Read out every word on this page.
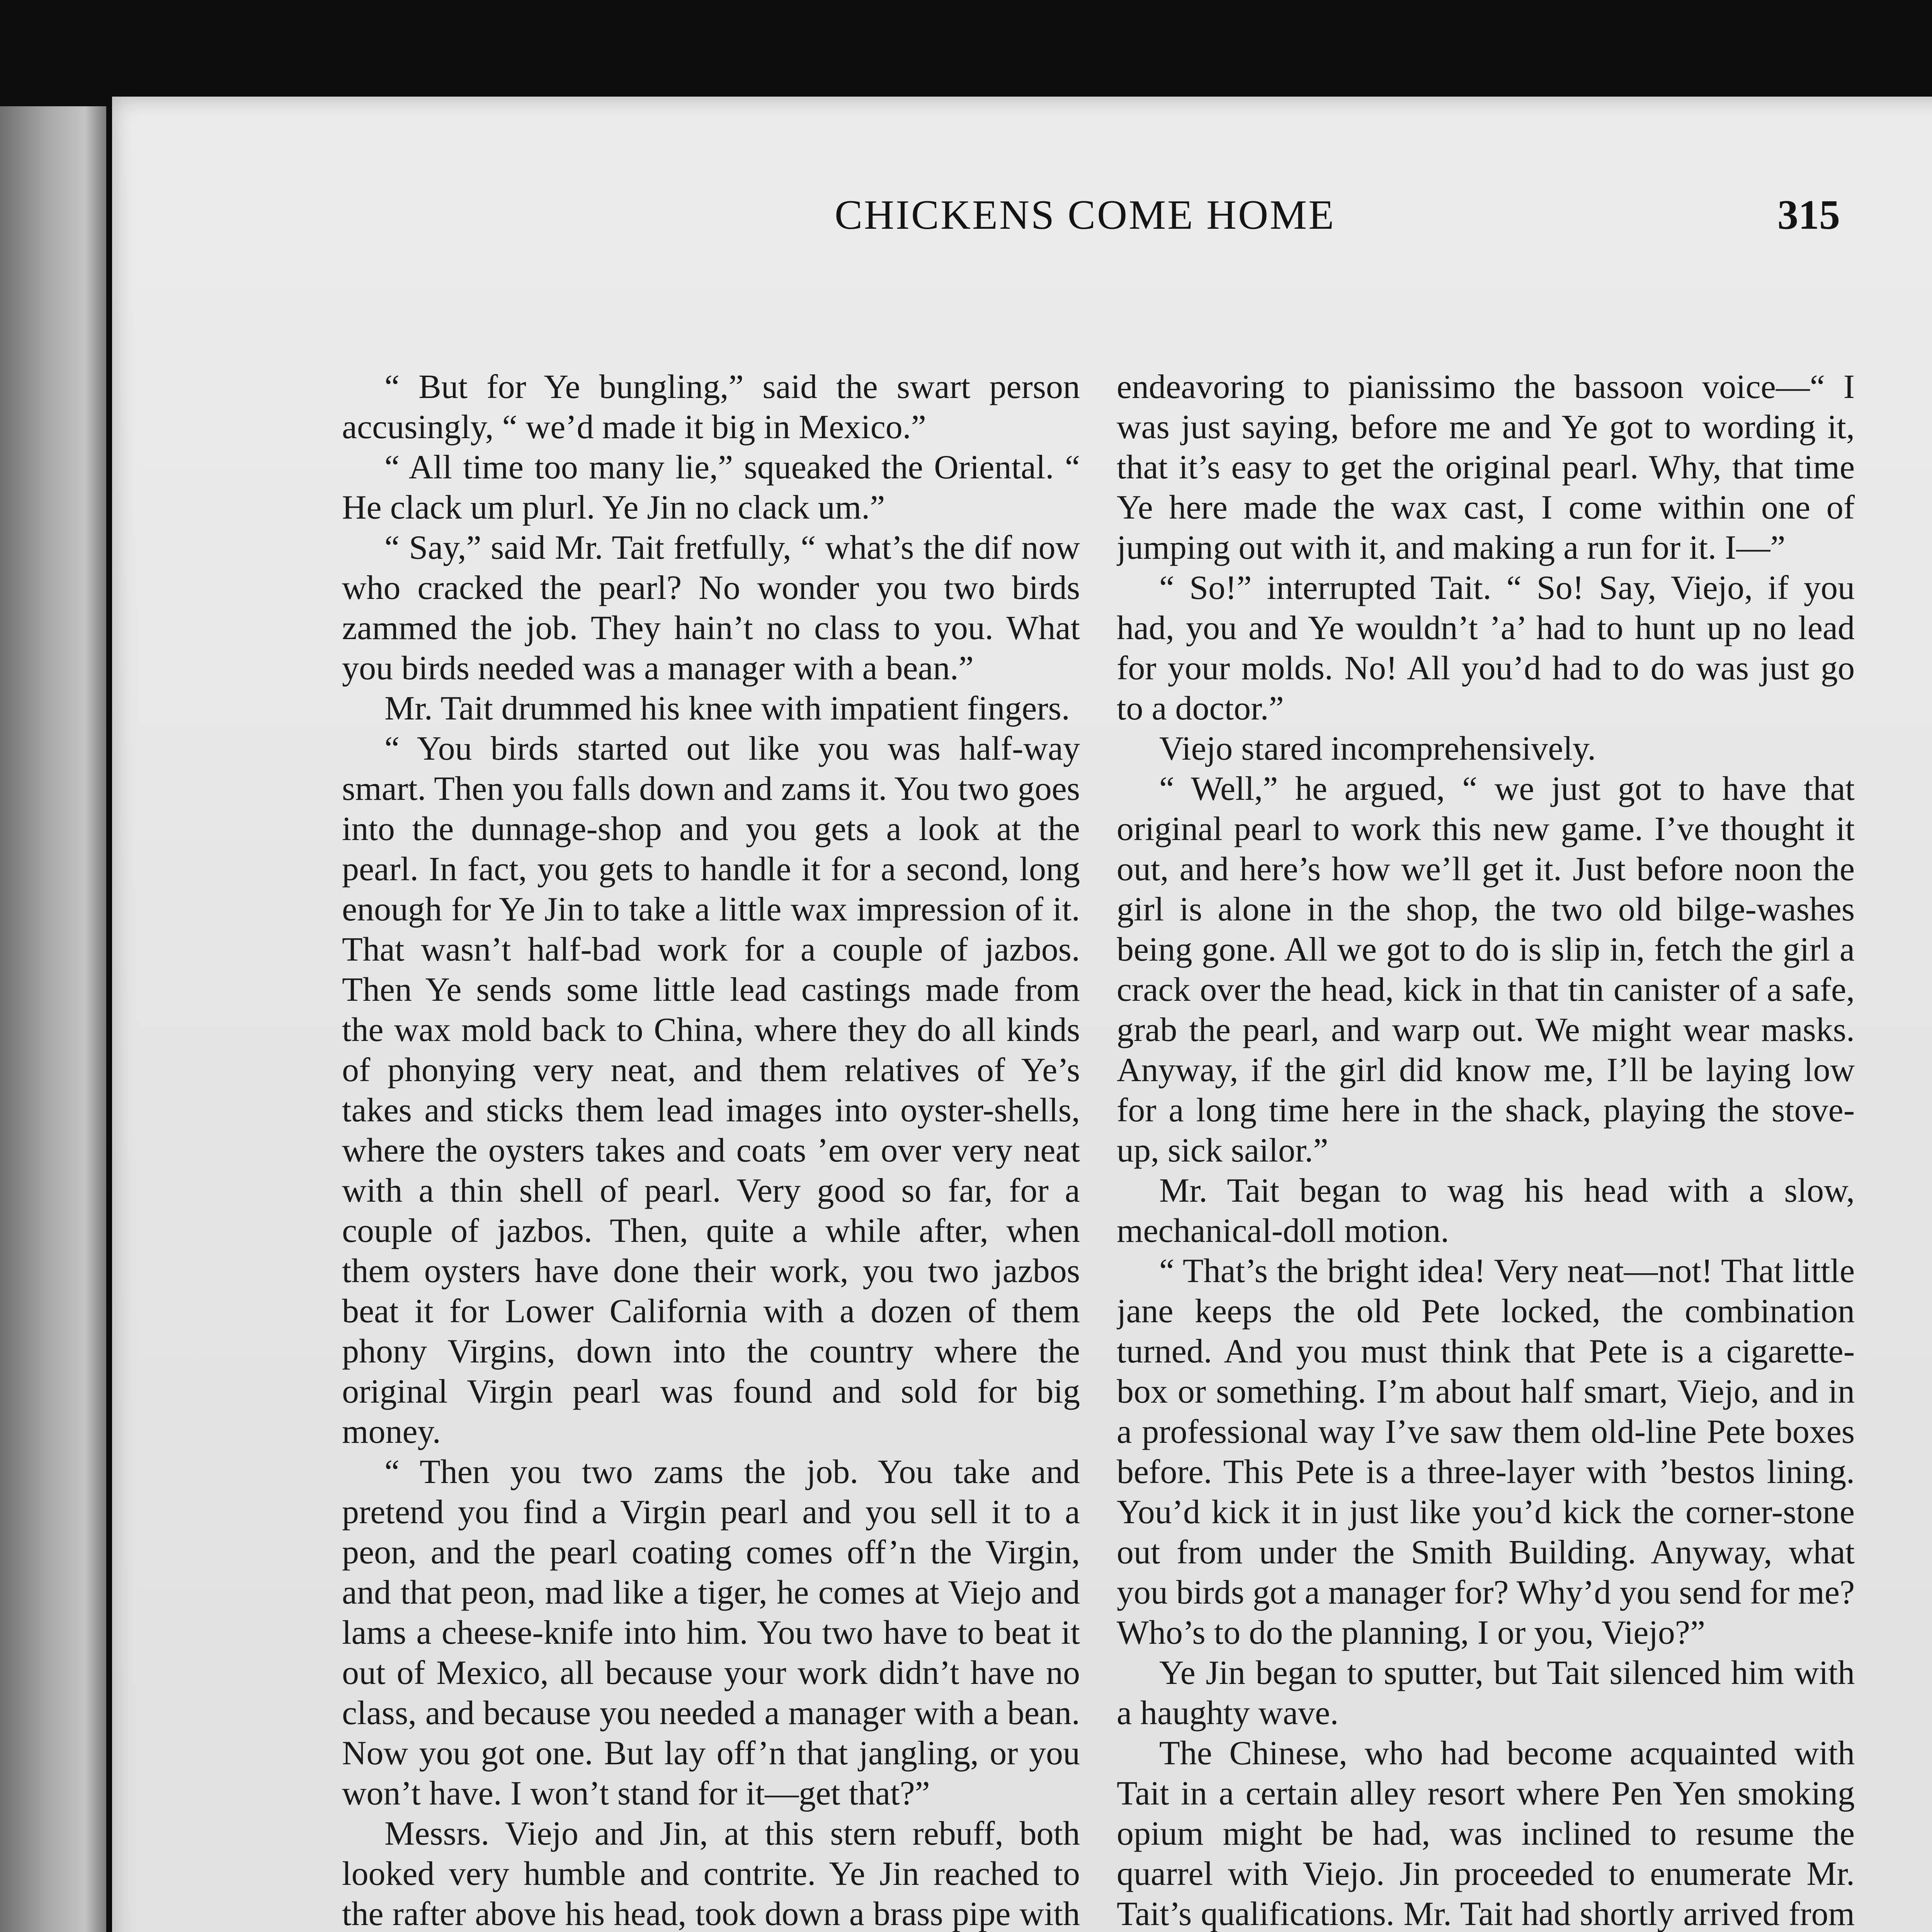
CHICKENS COME HOME	315

“ But for Ye bungling,” said the swart person accusingly, “ we’d made it big in Mexico.”

“ All time too many lie,” squeaked the Oriental. “ He clack um plurl. Ye Jin no clack um.”

“ Say,” said Mr. Tait fretfully, “ what’s the dif now who cracked the pearl? No wonder you two birds zammed the job. They hain’t no class to you. What you birds needed was a manager with a bean.”

Mr. Tait drummed his knee with impatient fingers.

“ You birds started out like you was half-way smart. Then you falls down and zams it. You two goes into the dunnage-shop and you gets a look at the pearl. In fact, you gets to handle it for a second, long enough for Ye Jin to take a little wax impression of it. That wasn’t half-bad work for a couple of jazbos. Then Ye sends some little lead castings made from the wax mold back to China, where they do all kinds of phonying very neat, and them relatives of Ye’s takes and sticks them lead images into oyster-shells, where the oysters takes and coats ’em over very neat with a thin shell of pearl. Very good so far, for a couple of jazbos. Then, quite a while after, when them oysters have done their work, you two jazbos beat it for Lower California with a dozen of them phony Virgins, down into the country where the original Virgin pearl was found and sold for big money.

“ Then you two zams the job. You take and pretend you find a Virgin pearl and you sell it to a peon, and the pearl coating comes off’n the Virgin, and that peon, mad like a tiger, he comes at Viejo and lams a cheese-knife into him. You two have to beat it out of Mexico, all because your work didn’t have no class, and because you needed a manager with a bean. Now you got one. But lay off’n that jangling, or you won’t have. I won’t stand for it—get that?”

Messrs. Viejo and Jin, at this stern rebuff, both looked very humble and contrite. Ye Jin reached to the rafter above his head, took down a brass pipe with

endeavoring to pianissimo the bassoon voice—“ I was just saying, before me and Ye got to wording it, that it’s easy to get the original pearl. Why, that time Ye here made the wax cast, I come within one of jumping out with it, and making a run for it. I—”

“ So!” interrupted Tait. “ So! Say, Viejo, if you had, you and Ye wouldn’t ’a’ had to hunt up no lead for your molds. No! All you’d had to do was just go to a doctor.”

Viejo stared incomprehensively.

“ Well,” he argued, “ we just got to have that original pearl to work this new game. I’ve thought it out, and here’s how we’ll get it. Just before noon the girl is alone in the shop, the two old bilge-washes being gone. All we got to do is slip in, fetch the girl a crack over the head, kick in that tin canister of a safe, grab the pearl, and warp out. We might wear masks. Anyway, if the girl did know me, I’ll be laying low for a long time here in the shack, playing the stove-up, sick sailor.”

Mr. Tait began to wag his head with a slow, mechanical-doll motion.

“ That’s the bright idea! Very neat—not! That little jane keeps the old Pete locked, the combination turned. And you must think that Pete is a cigarette-box or something. I’m about half smart, Viejo, and in a professional way I’ve saw them old-line Pete boxes before. This Pete is a three-layer with ’bestos lining. You’d kick it in just like you’d kick the corner-stone out from under the Smith Building. Anyway, what you birds got a manager for? Why’d you send for me? Who’s to do the planning, I or you, Viejo?”

Ye Jin began to sputter, but Tait silenced him with a haughty wave.

The Chinese, who had become acquainted with Tait in a certain alley resort where Pen Yen smoking opium might be had, was inclined to resume the quarrel with Viejo. Jin proceeded to enumerate Mr. Tait’s qualifications. Mr. Tait had shortly arrived from
